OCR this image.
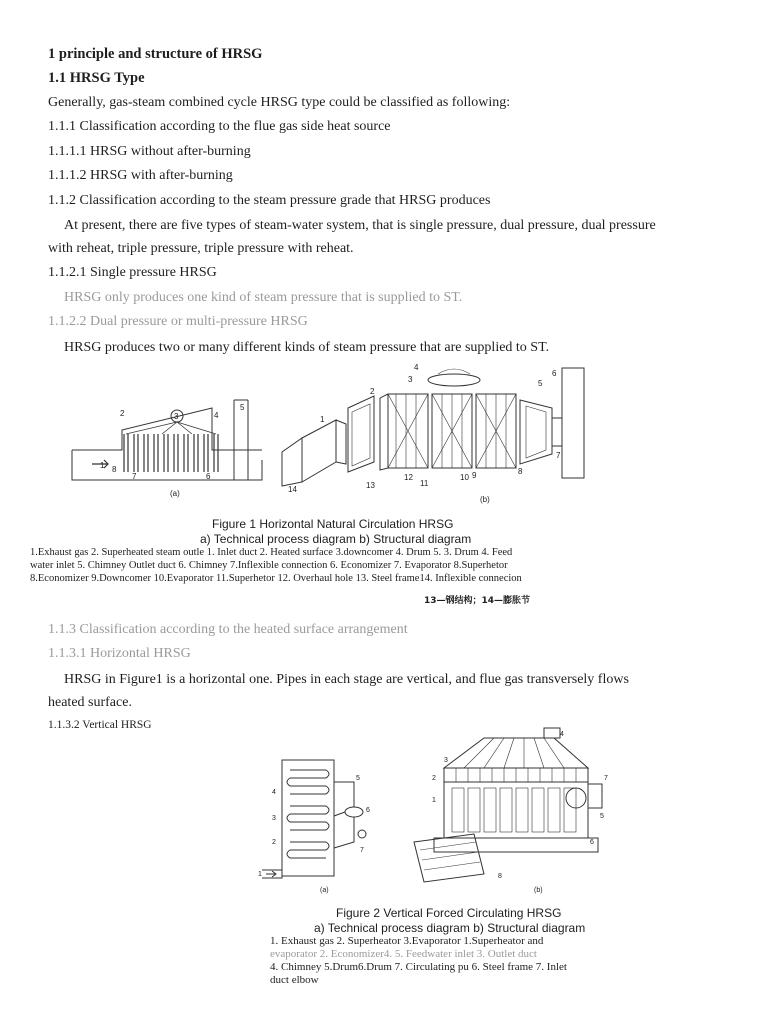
1 principle and structure of HRSG
1.1 HRSG Type
Generally, gas-steam combined cycle HRSG type could be classified as following:
1.1.1 Classification according to the flue gas side heat source
1.1.1.1 HRSG without after-burning
1.1.1.2 HRSG with after-burning
1.1.2 Classification according to the steam pressure grade that HRSG produces
At present, there are five types of steam-water system, that is single pressure, dual pressure, dual pressure
with reheat, triple pressure, triple pressure with reheat.
1.1.2.1 Single pressure HRSG
HRSG only produces one kind of steam pressure that is supplied to ST.
1.1.2.2 Dual pressure or multi-pressure HRSG
HRSG produces two or many different kinds of steam pressure that are supplied to ST.
1
2	3	4
5
6
7
8
(a)
1
2
3
4
5
6
7
8
9
10
11
12
13
14
(b)
Figure 1 Horizontal Natural Circulation HRSG
a) Technical process diagram b) Structural diagram
1.Exhaust gas 2. Superheated steam outle 1. Inlet duct 2. Heated surface 3.downcomer 4. Drum 5. 3. Drum 4. Feed
water inlet 5. Chimney Outlet duct 6. Chimney 7.Inflexible connection 6. Economizer 7. Evaporator 8.Superhetor
8.Economizer 9.Downcomer 10.Evaporator 11.Superhetor 12. Overhaul hole 13. Steel frame14. Inflexible connecion
13—钢结构；14—膨胀节
1.1.3 Classification according to the heated surface arrangement
1.1.3.1 Horizontal HRSG
HRSG in Figure1 is a horizontal one. Pipes in each stage are vertical, and flue gas transversely flows
heated surface.
1.1.3.2 Vertical HRSG
1
2
3
4
5
6
7
(a)
1
2
3
4
5
6
7
8
(b)
Figure 2 Vertical Forced Circulating HRSG
a) Technical process diagram b) Structural diagram
1. Exhaust gas 2. Superheator 3.Evaporator 1.Superheator and
evaporator 2. Economizer4. 5. Feedwater inlet 3. Outlet duct
4. Chimney 5.Drum6.Drum 7. Circulating pu 6. Steel frame 7. Inlet
duct elbow
